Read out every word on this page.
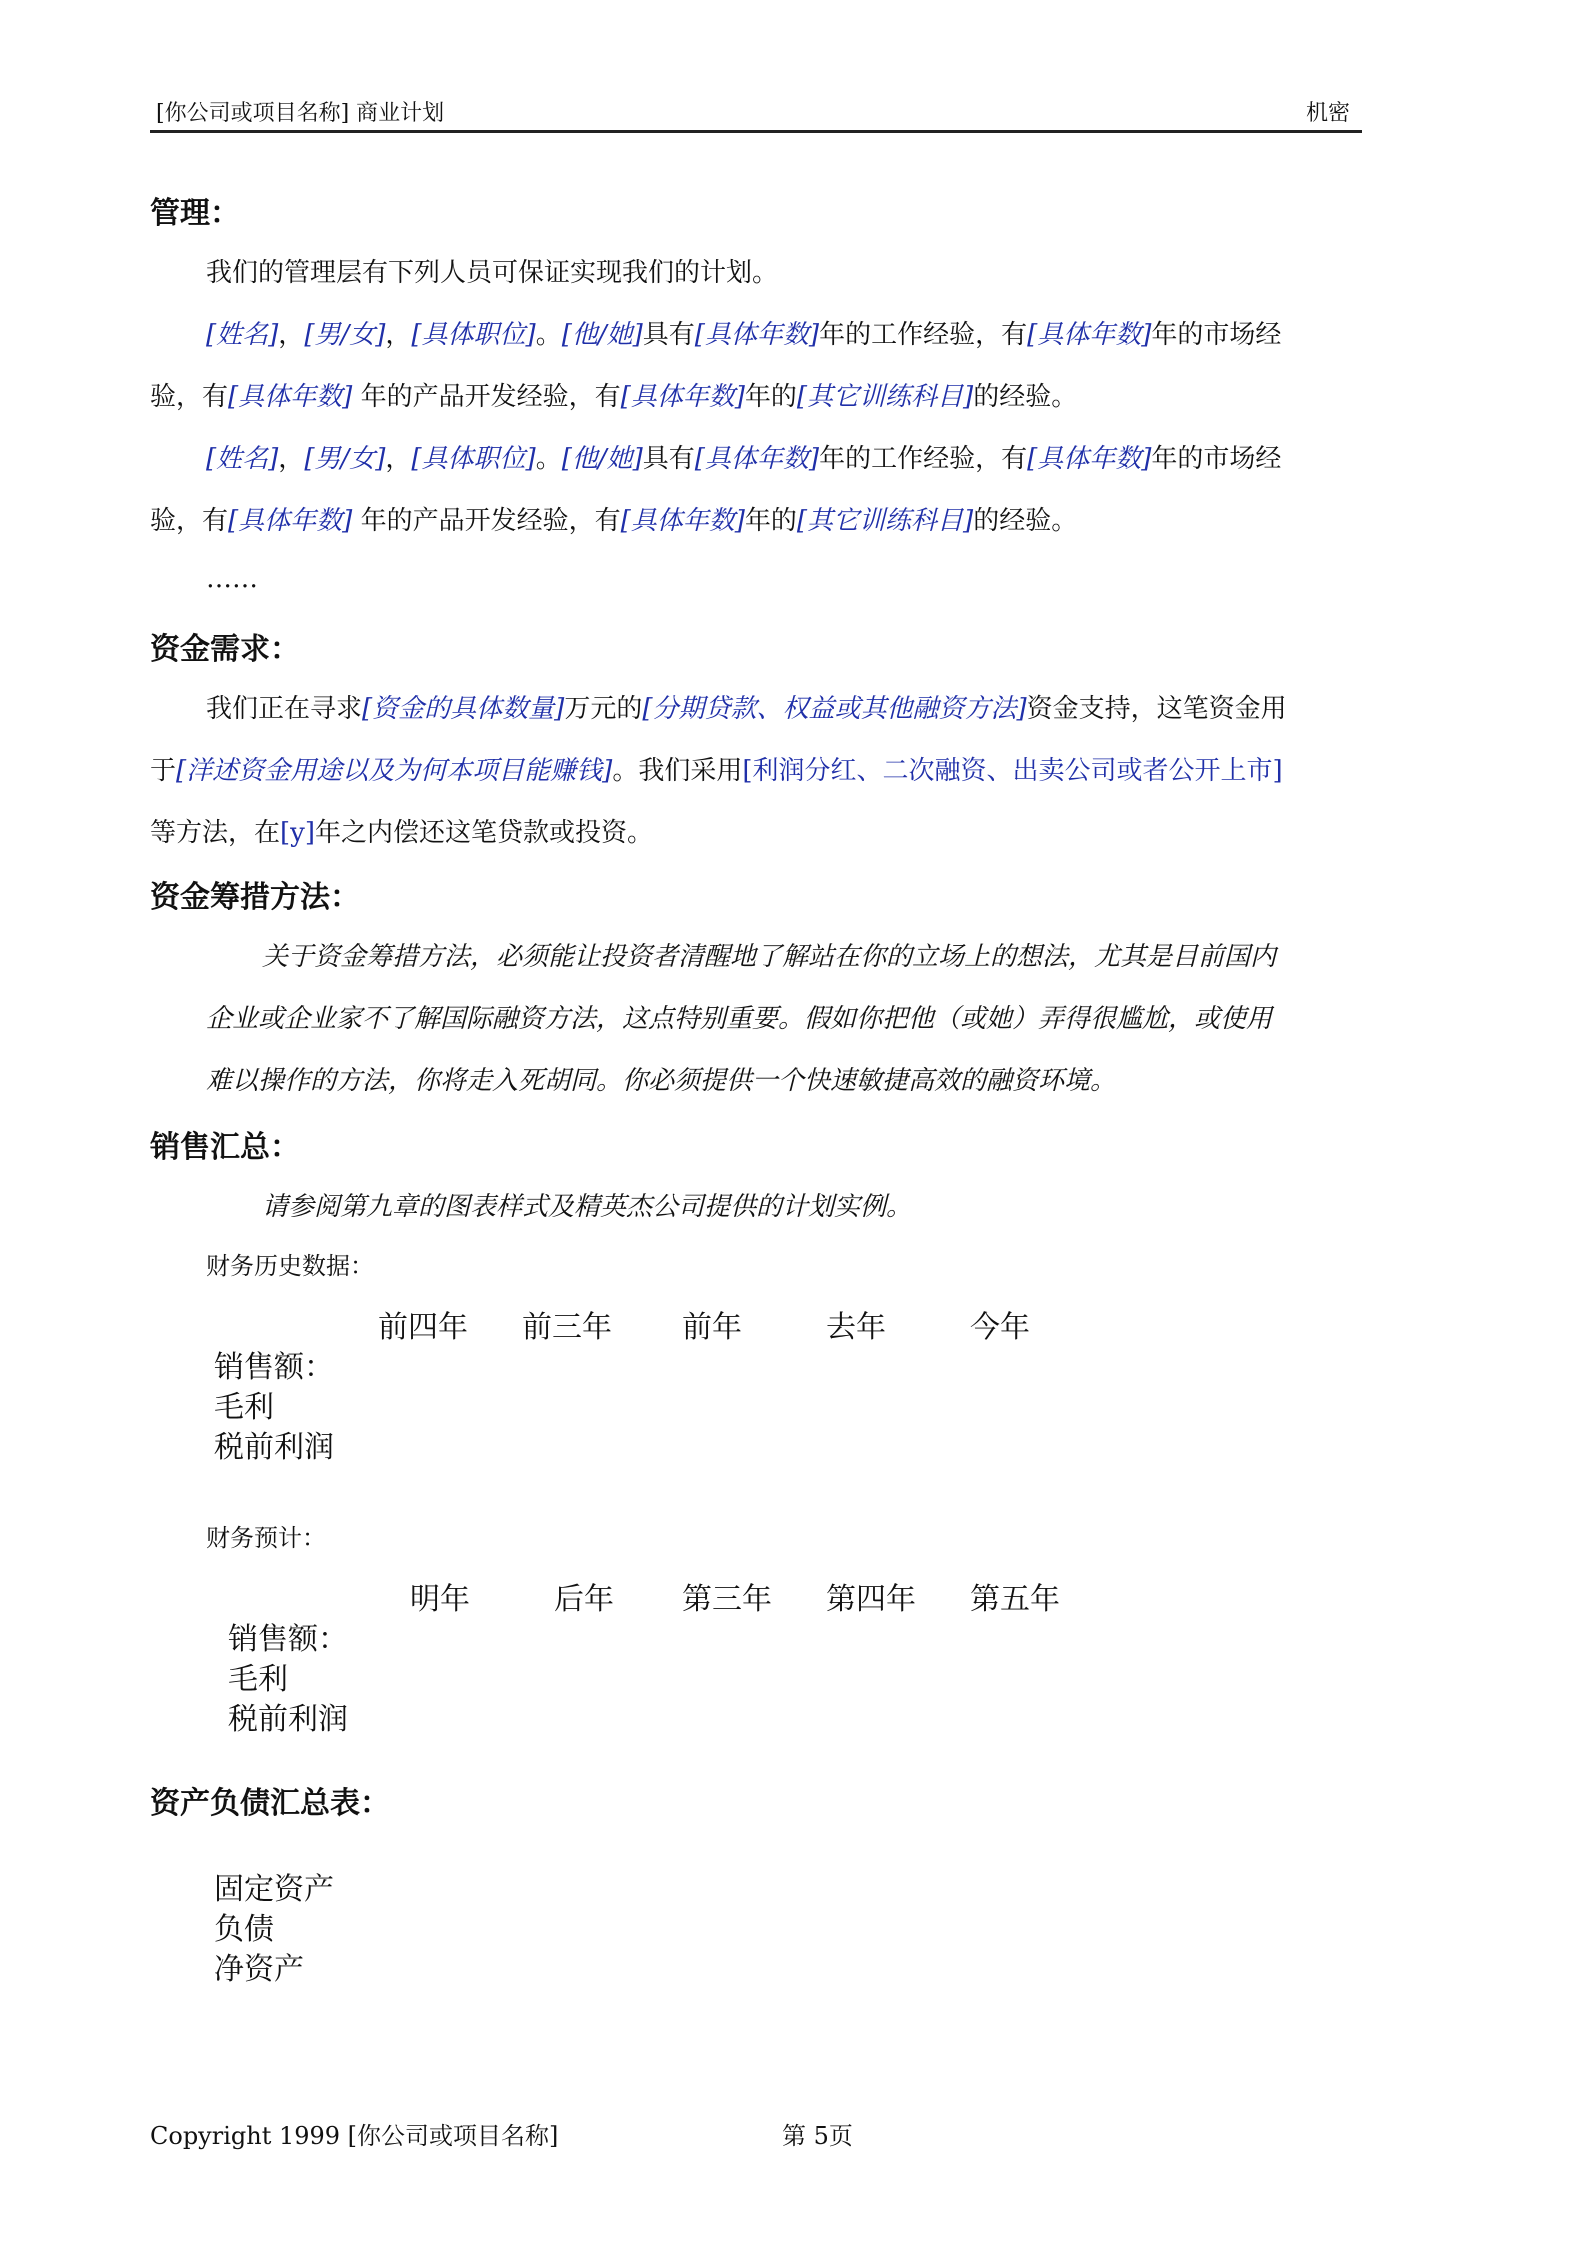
[你公司或项目名称] 商业计划	机密
管理：
我们的管理层有下列人员可保证实现我们的计划。
[姓名]，[男/女]，[具体职位]。[他/她]具有[具体年数]年的工作经验，有[具体年数]年的市场经
验，有[具体年数] 年的产品开发经验，有[具体年数]年的[其它训练科目]的经验。
[姓名]，[男/女]，[具体职位]。[他/她]具有[具体年数]年的工作经验，有[具体年数]年的市场经
验，有[具体年数] 年的产品开发经验，有[具体年数]年的[其它训练科目]的经验。
……
资金需求：
我们正在寻求[资金的具体数量]万元的[分期贷款、权益或其他融资方法]资金支持，这笔资金用
于[洋述资金用途以及为何本项目能赚钱]。我们采用[利润分红、二次融资、出卖公司或者公开上市]
等方法，在[y]年之内偿还这笔贷款或投资。
资金筹措方法：
关于资金筹措方法，必须能让投资者清醒地了解站在你的立场上的想法，尤其是目前国内
企业或企业家不了解国际融资方法，这点特别重要。假如你把他（或她）弄得很尴尬，或使用
难以操作的方法，你将走入死胡同。你必须提供一个快速敏捷高效的融资环境。
销售汇总：
请参阅第九章的图表样式及精英杰公司提供的计划实例。
财务历史数据：
前四年 前三年 前年	去年	今年
销售额：
毛利
税前利润
财务预计：
明年	后年 第三年 第四年 第五年
销售额：
毛利
税前利润
资产负债汇总表：
固定资产
负债
净资产
Copyright 1999 [你公司或项目名称]	第 5页
